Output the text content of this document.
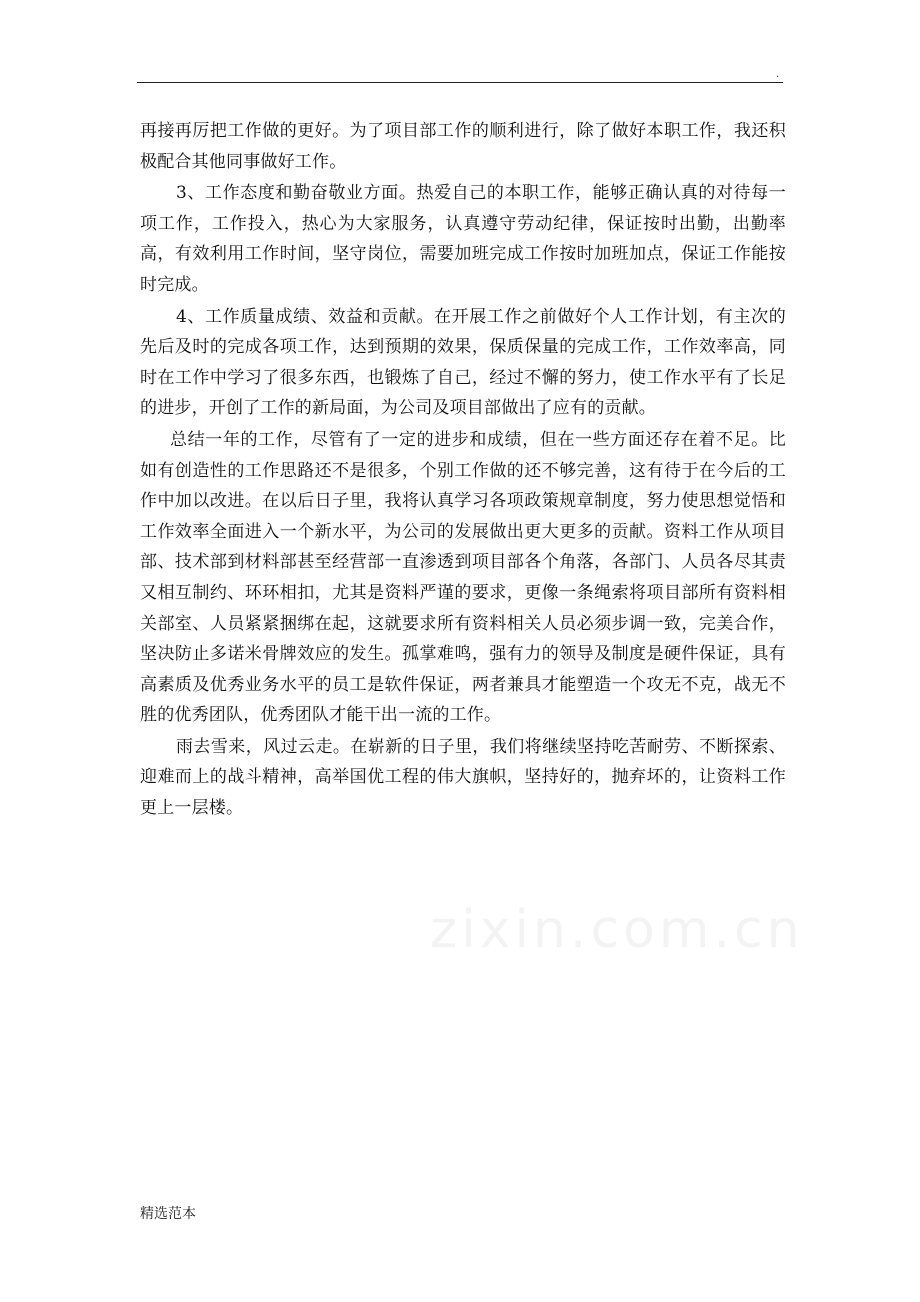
.

再接再厉把工作做的更好。为了项目部工作的顺利进行，除了做好本职工作，我还积极配合其他同事做好工作。

3、工作态度和勤奋敬业方面。热爱自己的本职工作，能够正确认真的对待每一项工作，工作投入，热心为大家服务，认真遵守劳动纪律，保证按时出勤，出勤率高，有效利用工作时间，坚守岗位，需要加班完成工作按时加班加点，保证工作能按时完成。

4、工作质量成绩、效益和贡献。在开展工作之前做好个人工作计划，有主次的先后及时的完成各项工作，达到预期的效果，保质保量的完成工作，工作效率高，同时在工作中学习了很多东西，也锻炼了自己，经过不懈的努力，使工作水平有了长足的进步，开创了工作的新局面，为公司及项目部做出了应有的贡献。

总结一年的工作，尽管有了一定的进步和成绩，但在一些方面还存在着不足。比如有创造性的工作思路还不是很多，个别工作做的还不够完善，这有待于在今后的工作中加以改进。在以后日子里，我将认真学习各项政策规章制度，努力使思想觉悟和工作效率全面进入一个新水平，为公司的发展做出更大更多的贡献。资料工作从项目部、技术部到材料部甚至经营部一直渗透到项目部各个角落，各部门、人员各尽其责又相互制约、环环相扣，尤其是资料严谨的要求，更像一条绳索将项目部所有资料相关部室、人员紧紧捆绑在起，这就要求所有资料相关人员必须步调一致，完美合作，坚决防止多诺米骨牌效应的发生。孤掌难鸣，强有力的领导及制度是硬件保证，具有高素质及优秀业务水平的员工是软件保证，两者兼具才能塑造一个攻无不克，战无不胜的优秀团队，优秀团队才能干出一流的工作。

雨去雪来，风过云走。在崭新的日子里，我们将继续坚持吃苦耐劳、不断探索、迎难而上的战斗精神，高举国优工程的伟大旗帜，坚持好的，抛弃坏的，让资料工作更上一层楼。

zixin.com.cn
精选范本
